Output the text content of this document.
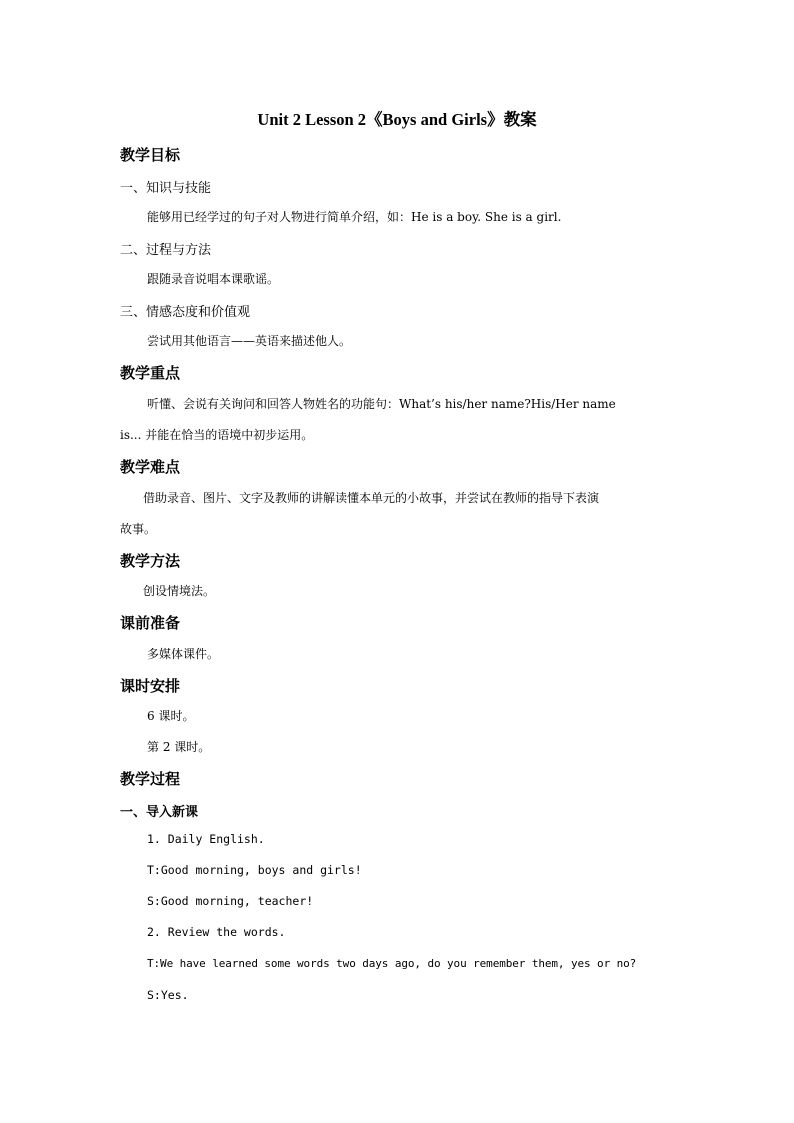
Unit 2 Lesson 2《Boys and Girls》教案
教学目标
一、知识与技能
能够用已经学过的句子对人物进行简单介绍，如：He is a boy. She is a girl.
二、过程与方法
跟随录音说唱本课歌谣。
三、情感态度和价值观
尝试用其他语言——英语来描述他人。
教学重点
听懂、会说有关询问和回答人物姓名的功能句：What’s his/her name?His/Her name
is... 并能在恰当的语境中初步运用。
教学难点
借助录音、图片、文字及教师的讲解读懂本单元的小故事，并尝试在教师的指导下表演
故事。
教学方法
创设情境法。
课前准备
多媒体课件。
课时安排
6 课时。
第 2 课时。
教学过程
一、导入新课
1. Daily English.
T:Good morning, boys and girls!
S:Good morning, teacher!
2. Review the words.
T:We have learned some words two days ago, do you remember them, yes or no?
S:Yes.
